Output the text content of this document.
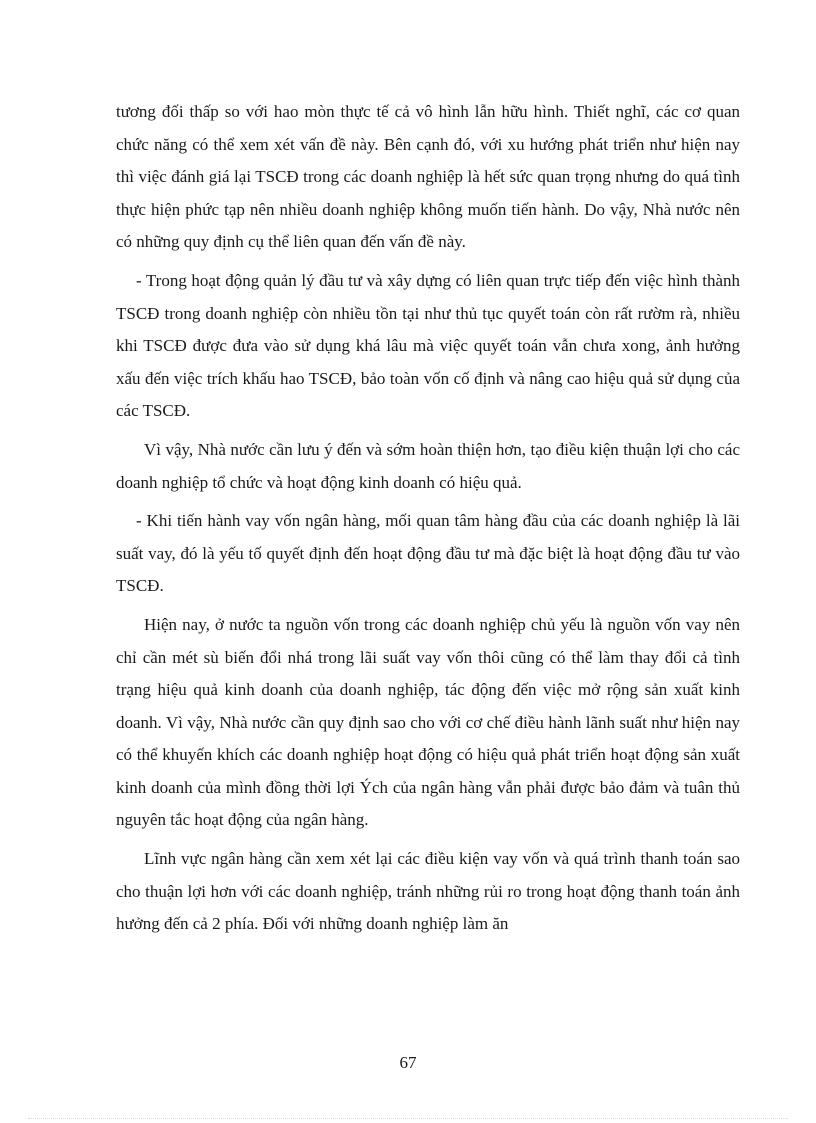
tương đối thấp so với hao mòn thực tế cả vô hình lẫn hữu hình. Thiết nghĩ, các cơ quan chức năng có thể xem xét vấn đề này. Bên cạnh đó, với xu hướng phát triển như hiện nay thì việc đánh giá lại TSCĐ trong các doanh nghiệp là hết sức quan trọng nhưng do quá tình thực hiện phức tạp nên nhiều doanh nghiệp không muốn tiến hành. Do vậy, Nhà nước nên có những quy định cụ thể liên quan đến vấn đề này.

- Trong hoạt động quản lý đầu tư và xây dựng có liên quan trực tiếp đến việc hình thành TSCĐ trong doanh nghiệp còn nhiều tồn tại như thủ tục quyết toán còn rất rườm rà, nhiều khi TSCĐ được đưa vào sử dụng khá lâu mà việc quyết toán vẫn chưa xong, ảnh hưởng xấu đến việc trích khấu hao TSCĐ, bảo toàn vốn cố định và nâng cao hiệu quả sử dụng của các TSCĐ.

Vì vậy, Nhà nước cần lưu ý đến và sớm hoàn thiện hơn, tạo điều kiện thuận lợi cho các doanh nghiệp tổ chức và hoạt động kinh doanh có hiệu quả.

- Khi tiến hành vay vốn ngân hàng, mối quan tâm hàng đầu của các doanh nghiệp là lãi suất vay, đó là yếu tố quyết định đến hoạt động đầu tư mà đặc biệt là hoạt động đầu tư vào TSCĐ.

Hiện nay, ở nước ta nguồn vốn trong các doanh nghiệp chủ yếu là nguồn vốn vay nên chỉ cần mét sù biến đổi nhá trong lãi suất vay vốn thôi cũng có thể làm thay đổi cả tình trạng hiệu quả kinh doanh của doanh nghiệp, tác động đến việc mở rộng sản xuất kinh doanh. Vì vậy, Nhà nước cần quy định sao cho với cơ chế điều hành lãnh suất như hiện nay có thể khuyến khích các doanh nghiệp hoạt động có hiệu quả phát triển hoạt động sản xuất kinh doanh của mình đồng thời lợi Ých của ngân hàng vẫn phải được bảo đảm và tuân thủ nguyên tắc hoạt động của ngân hàng.

Lĩnh vực ngân hàng cần xem xét lại các điều kiện vay vốn và quá trình thanh toán sao cho thuận lợi hơn với các doanh nghiệp, tránh những rủi ro trong hoạt động thanh toán ảnh hưởng đến cả 2 phía. Đối với những doanh nghiệp làm ăn

67
